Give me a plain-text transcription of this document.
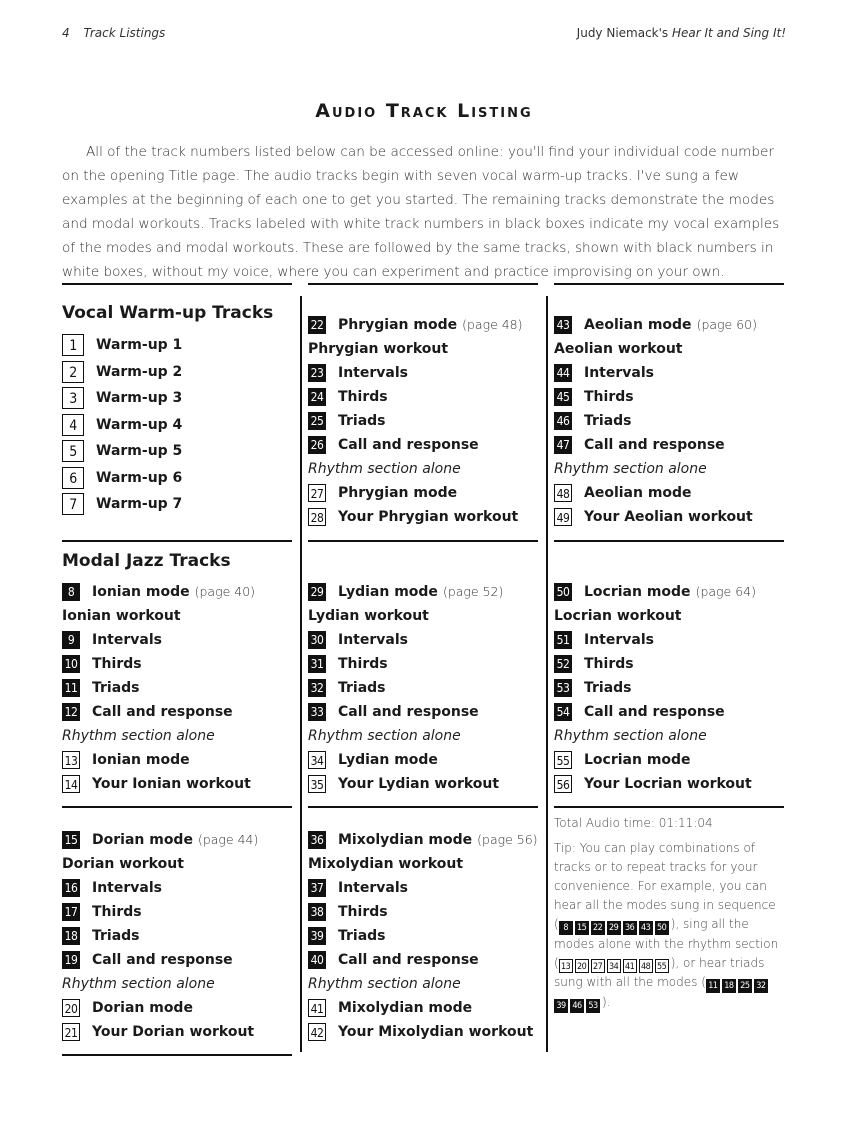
4 Track Listings	Judy Niemack's Hear It and Sing It!
Audio Track Listing
All of the track numbers listed below can be accessed online: you'll find your individual code number on the opening Title page. The audio tracks begin with seven vocal warm-up tracks. I've sung a few examples at the beginning of each one to get you started. The remaining tracks demonstrate the modes and modal workouts. Tracks labeled with white track numbers in black boxes indicate my vocal examples of the modes and modal workouts. These are followed by the same tracks, shown with black numbers in white boxes, without my voice, where you can experiment and practice improvising on your own.
Vocal Warm-up Tracks
1	Warm-up 1
2	Warm-up 2
3	Warm-up 3
4	Warm-up 4
5	Warm-up 5
6	Warm-up 6
7	Warm-up 7
Modal Jazz Tracks
22 Phrygian mode (page 48)
Phrygian workout
23 Intervals
24 Thirds
25 Triads
26 Call and response
Rhythm section alone
27 Phrygian mode
28 Your Phrygian workout
43 Aeolian mode (page 60)
Aeolian workout
44 Intervals
45 Thirds
46 Triads
47 Call and response
Rhythm section alone
48 Aeolian mode
49 Your Aeolian workout
8	Ionian mode (page 40)
Ionian workout
9	Intervals
10 Thirds
11 Triads
12 Call and response
Rhythm section alone
13 Ionian mode
14 Your Ionian workout
29 Lydian mode (page 52)
Lydian workout
30 Intervals
31 Thirds
32 Triads
33 Call and response
Rhythm section alone
34 Lydian mode
35 Your Lydian workout
50 Locrian mode (page 64)
Locrian workout
51 Intervals
52 Thirds
53 Triads
54 Call and response
Rhythm section alone
55 Locrian mode
56 Your Locrian workout
15 Dorian mode (page 44)
Dorian workout
16 Intervals
17 Thirds
18 Triads
19 Call and response
Rhythm section alone
20 Dorian mode
21 Your Dorian workout
36 Mixolydian mode (page 56)
Mixolydian workout
37 Intervals
38 Thirds
39 Triads
40 Call and response
Rhythm section alone
41 Mixolydian mode
42 Your Mixolydian workout
Total Audio time: 01:11:04
Tip: You can play combinations of tracks or to repeat tracks for your convenience. For example, you can hear all the modes sung in sequence ( 8 15 22 29 36 43 50 ), sing all the modes alone with the rhythm section ( 13 20 27 34 41 48 55 ), or hear triads sung with all the modes ( 11 18 25 3239 46 53 ).
